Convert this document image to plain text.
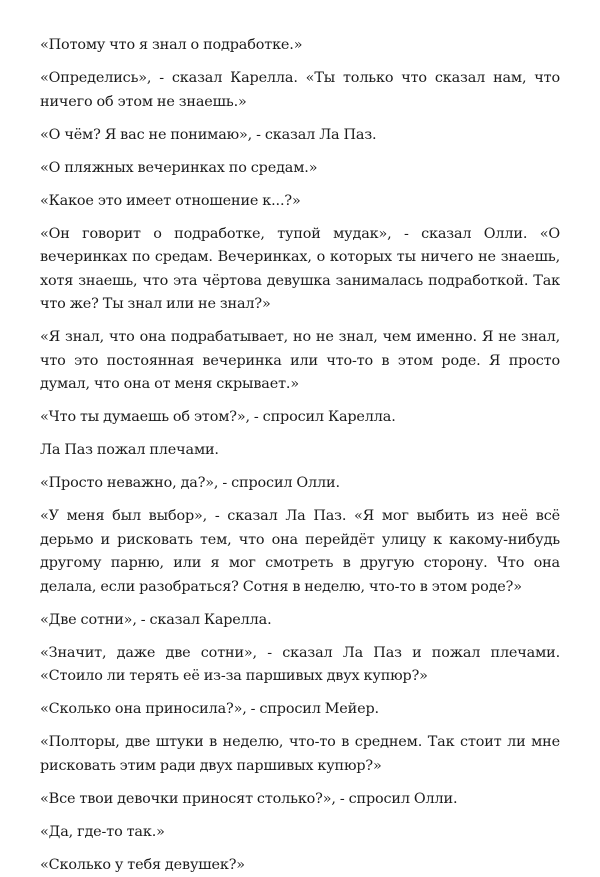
«Потому что я знал о подработке.»

«Определись», - сказал Карелла. «Ты только что сказал нам, что ничего об этом не знаешь.»

«О чём? Я вас не понимаю», - сказал Ла Паз.

«О пляжных вечеринках по средам.»

«Какое это имеет отношение к...?»

«Он говорит о подработке, тупой мудак», - сказал Олли. «О вечеринках по средам. Вечеринках, о которых ты ничего не знаешь, хотя знаешь, что эта чёртова девушка занималась подработкой. Так что же? Ты знал или не знал?»

«Я знал, что она подрабатывает, но не знал, чем именно. Я не знал, что это постоянная вечеринка или что-то в этом роде. Я просто думал, что она от меня скрывает.»

«Что ты думаешь об этом?», - спросил Карелла.

Ла Паз пожал плечами.

«Просто неважно, да?», - спросил Олли.

«У меня был выбор», - сказал Ла Паз. «Я мог выбить из неё всё дерьмо и рисковать тем, что она перейдёт улицу к какому-нибудь другому парню, или я мог смотреть в другую сторону. Что она делала, если разобраться? Сотня в неделю, что-то в этом роде?»

«Две сотни», - сказал Карелла.

«Значит, даже две сотни», - сказал Ла Паз и пожал плечами. «Стоило ли терять её из-за паршивых двух купюр?»

«Сколько она приносила?», - спросил Мейер.

«Полторы, две штуки в неделю, что-то в среднем. Так стоит ли мне рисковать этим ради двух паршивых купюр?»

«Все твои девочки приносят столько?», - спросил Олли.

«Да, где-то так.»

«Сколько у тебя девушек?»
